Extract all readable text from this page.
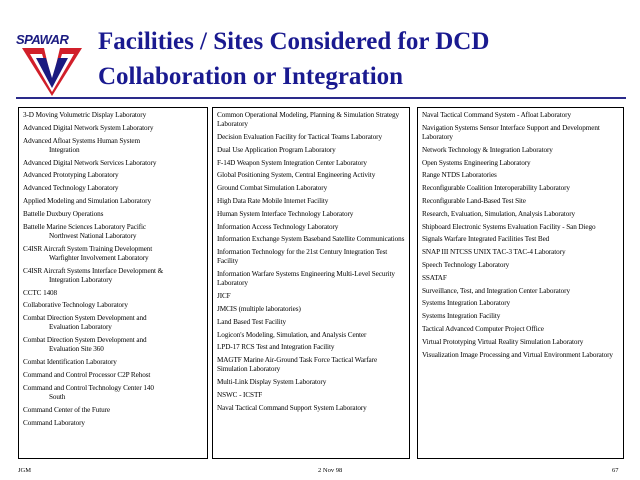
SPAWAR Facilities / Sites Considered for DCD
Collaboration or Integration
3-D Moving Volumetric Display Laboratory
Advanced Digital Network System Laboratory
Advanced Afloat Systems Human System
Integration
Advanced Digital Network Services Laboratory
Advanced Prototyping Laboratory
Advanced Technology Laboratory
Applied Modeling and Simulation Laboratory
Battelle Duxbury Operations
Battelle Marine Sciences Laboratory Pacific
Northwest National Laboratory
C4ISR Aircraft System Training Development
Warfighter Involvement Laboratory
C4ISR Aircraft Systems Interface Development &
Integration Laboratory
CCTC 1408
Collaborative Technology Laboratory
Combat Direction System Development and
Evaluation Laboratory
Combat Direction System Development and
Evaluation Site 360
Combat Identification Laboratory
Command and Control Processor C2P Rehost
Command and Control Technology Center 140
South
Command Center of the Future
Command Laboratory
Common Operational Modeling, Planning & Simulation Strategy Laboratory
Decision Evaluation Facility for Tactical Teams Laboratory
Dual Use Application Program Laboratory
F-14D Weapon System Integration Center Laboratory
Global Positioning System, Central Engineering Activity
Ground Combat Simulation Laboratory
High Data Rate Mobile Internet Facility
Human System Interface Technology Laboratory
Information Access Technology Laboratory
Information Exchange System Baseband Satellite Communications
Information Technology for the 21st Century Integration Test Facility
Information Warfare Systems Engineering Multi-Level Security Laboratory
JICF
JMCIS (multiple laboratories)
Land Based Test Facility
Logicon's Modeling, Simulation, and Analysis Center
LPD-17 RCS Test and Integration Facility
MAGTF Marine Air-Ground Task Force Tactical Warfare Simulation Laboratory
Multi-Link Display System Laboratory
NSWC - ICSTF
Naval Tactical Command Support System Laboratory
Naval Tactical Command System - Afloat Laboratory
Navigation Systems Sensor Interface Support and Development Laboratory
Network Technology & Integration Laboratory
Open Systems Engineering Laboratory
Range NTDS Laboratories
Reconfigurable Coalition Interoperability Laboratory
Reconfigurable Land-Based Test Site
Research, Evaluation, Simulation, Analysis Laboratory
Shipboard Electronic Systems Evaluation Facility - San Diego
Signals Warfare Integrated Facilities Test Bed
SNAP III NTCSS UNIX TAC-3 TAC-4 Laboratory
Speech Technology Laboratory
SSATAF
Surveillance, Test, and Integration Center Laboratory
Systems Integration Laboratory
Systems Integration Facility
Tactical Advanced Computer Project Office
Virtual Prototyping Virtual Reality Simulation Laboratory
Visualization Image Processing and Virtual Environment Laboratory
JGM	2 Nov 98	67
